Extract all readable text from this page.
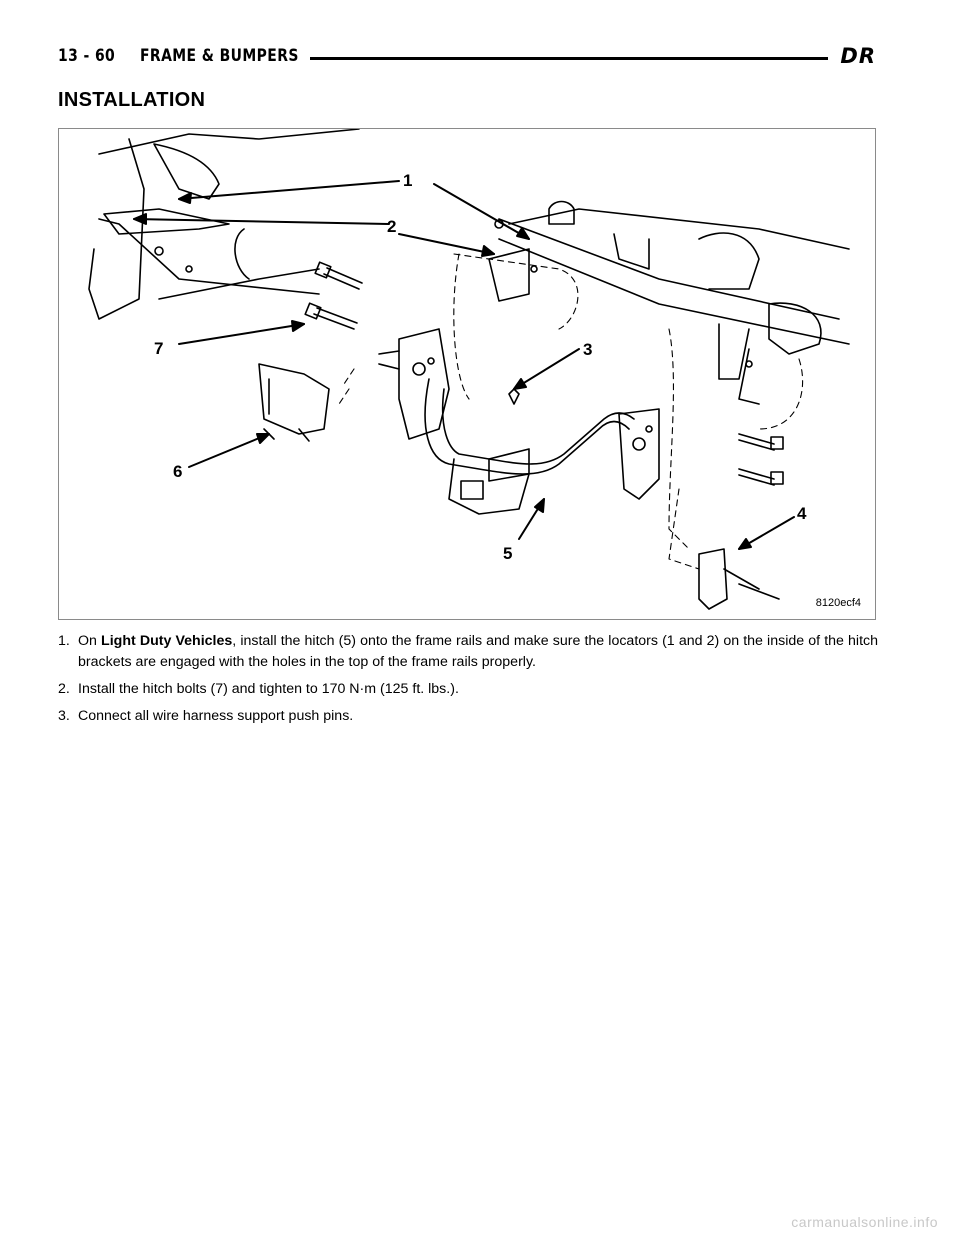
13 - 60 FRAME & BUMPERS	DR
INSTALLATION
1
2
3
4
5
6
7
8120ecf4
1. On Light Duty Vehicles, install the hitch (5) onto the frame rails and make sure the locators (1 and 2) on the inside of the hitch brackets are engaged with the holes in the top of the frame rails properly.
2. Install the hitch bolts (7) and tighten to 170 N·m (125 ft. lbs.).
3. Connect all wire harness support push pins.
carmanualsonline.info
